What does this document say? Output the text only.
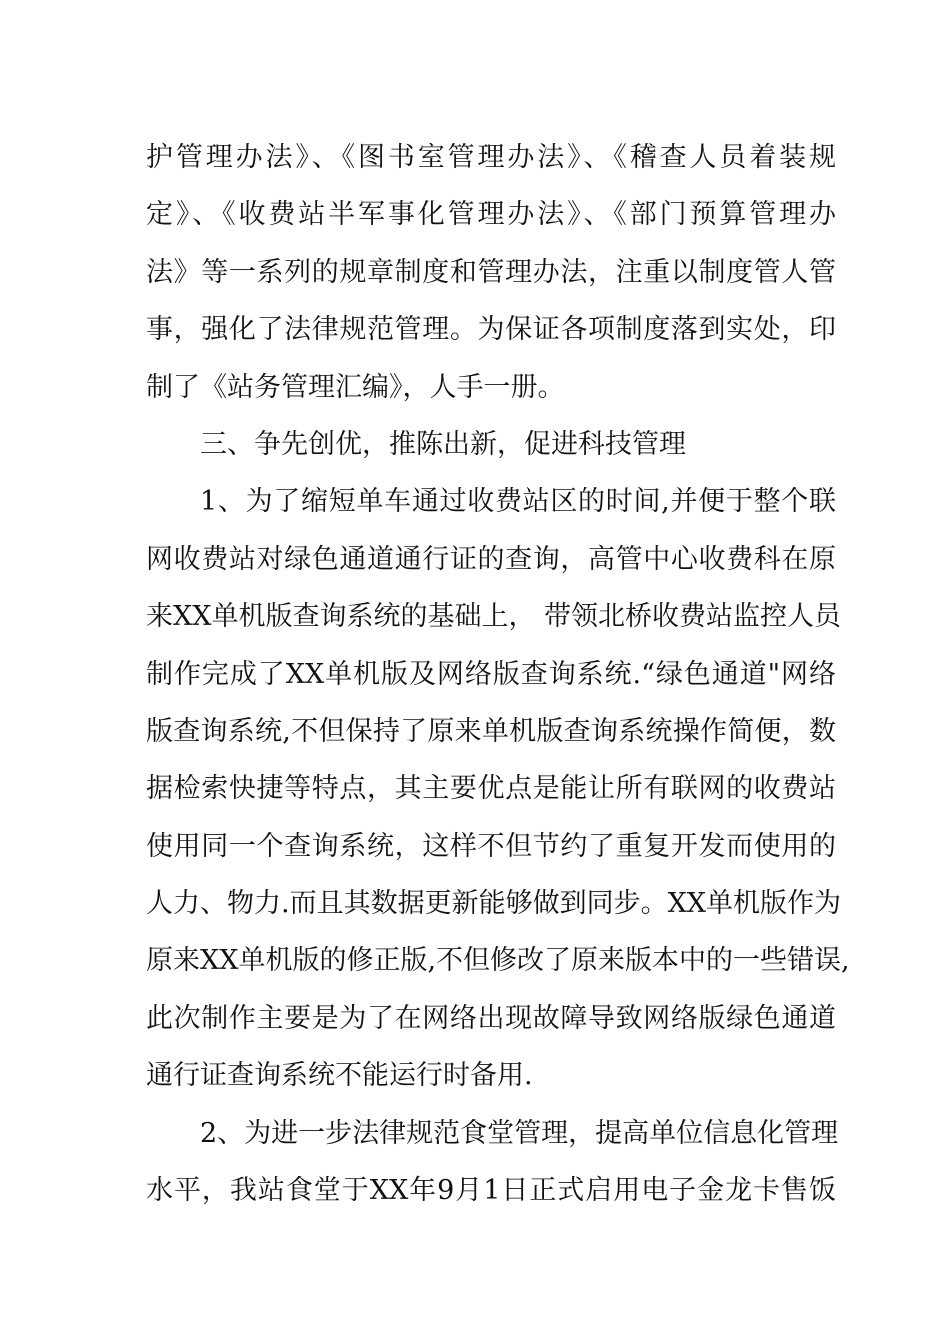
护管理办法》、《图书室管理办法》、《稽查人员着装规
定》、《收费站半军事化管理办法》、《部门预算管理办
法》等一系列的规章制度和管理办法，注重以制度管人管
事，强化了法律规范管理。为保证各项制度落到实处，印
制了《站务管理汇编》，人手一册。
三、争先创优，推陈出新，促进科技管理
1、为了缩短单车通过收费站区的时间,并便于整个联
网收费站对绿色通道通行证的查询，高管中心收费科在原
来XX单机版查询系统的基础上， 带领北桥收费站监控人员
制作完成了XX单机版及网络版查询系统.“绿色通道"网络
版查询系统,不但保持了原来单机版查询系统操作简便，数
据检索快捷等特点，其主要优点是能让所有联网的收费站
使用同一个查询系统，这样不但节约了重复开发而使用的
人力、物力.而且其数据更新能够做到同步。XX单机版作为
原来XX单机版的修正版,不但修改了原来版本中的一些错误,
此次制作主要是为了在网络出现故障导致网络版绿色通道
通行证查询系统不能运行时备用.
2、为进一步法律规范食堂管理，提高单位信息化管理
水平，我站食堂于XX年9月1日正式启用电子金龙卡售饭
